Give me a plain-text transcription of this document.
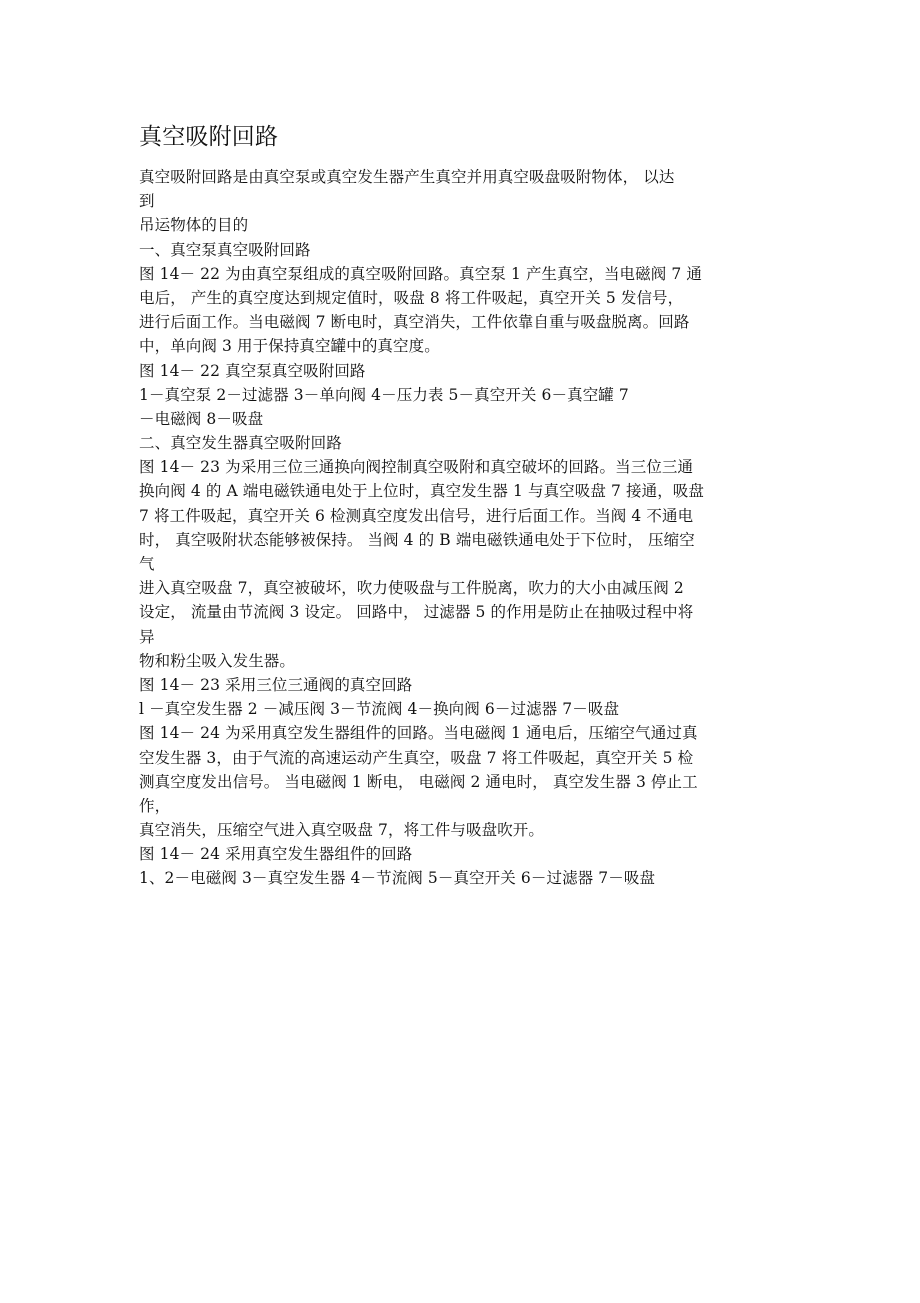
真空吸附回路
真空吸附回路是由真空泵或真空发生器产生真空并用真空吸盘吸附物体， 以达
到
吊运物体的目的
一、真空泵真空吸附回路
图 14－ 22 为由真空泵组成的真空吸附回路。真空泵 1 产生真空，当电磁阀 7 通
电后， 产生的真空度达到规定值时，吸盘 8 将工件吸起，真空开关 5 发信号，
进行后面工作。当电磁阀 7 断电时，真空消失，工件依靠自重与吸盘脱离。回路
中，单向阀 3 用于保持真空罐中的真空度。
图 14－ 22 真空泵真空吸附回路
1－真空泵 2－过滤器 3－单向阀 4－压力表 5－真空开关 6－真空罐 7
－电磁阀 8－吸盘
二、真空发生器真空吸附回路
图 14－ 23 为采用三位三通换向阀控制真空吸附和真空破坏的回路。当三位三通
换向阀 4 的 A 端电磁铁通电处于上位时，真空发生器 1 与真空吸盘 7 接通，吸盘
7 将工件吸起，真空开关 6 检测真空度发出信号，进行后面工作。当阀 4 不通电
时， 真空吸附状态能够被保持。 当阀 4 的 B 端电磁铁通电处于下位时， 压缩空
气
进入真空吸盘 7，真空被破坏，吹力使吸盘与工件脱离，吹力的大小由减压阀 2
设定， 流量由节流阀 3 设定。 回路中， 过滤器 5 的作用是防止在抽吸过程中将
异
物和粉尘吸入发生器。
图 14－ 23 采用三位三通阀的真空回路
l －真空发生器 2 －减压阀 3－节流阀 4－换向阀 6－过滤器 7－吸盘
图 14－ 24 为采用真空发生器组件的回路。当电磁阀 1 通电后，压缩空气通过真
空发生器 3，由于气流的高速运动产生真空，吸盘 7 将工件吸起，真空开关 5 检
测真空度发出信号。 当电磁阀 1 断电， 电磁阀 2 通电时， 真空发生器 3 停止工
作，
真空消失，压缩空气进入真空吸盘 7，将工件与吸盘吹开。
图 14－ 24 采用真空发生器组件的回路
1、2－电磁阀 3－真空发生器 4－节流阀 5－真空开关 6－过滤器 7－吸盘
